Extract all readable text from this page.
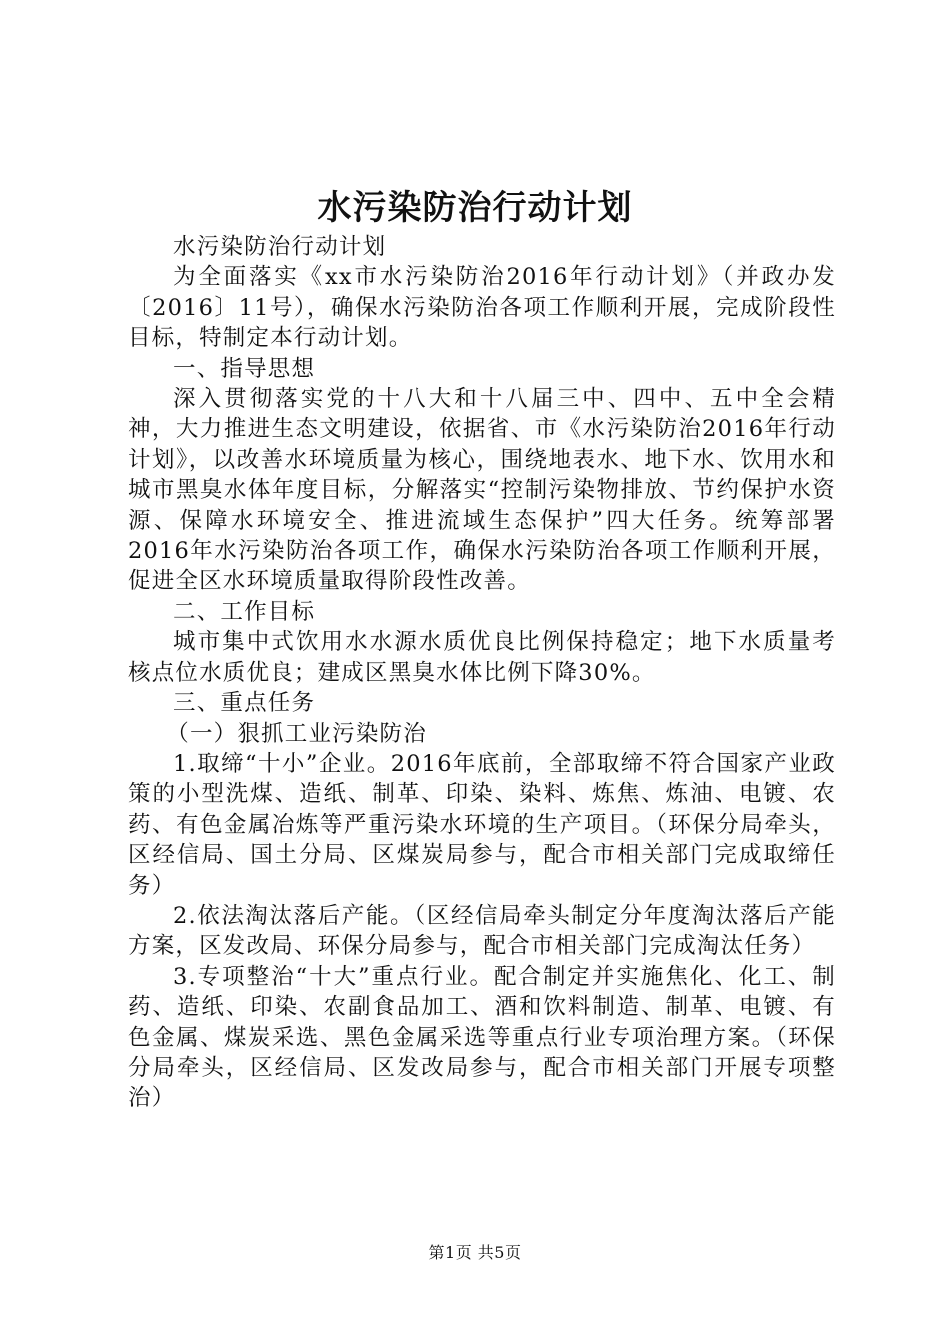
水污染防治行动计划

水污染防治行动计划

为全面落实《xx市水污染防治2016年行动计划》（并政办发〔2016〕11号），确保水污染防治各项工作顺利开展，完成阶段性目标，特制定本行动计划。

一、指导思想

深入贯彻落实党的十八大和十八届三中、四中、五中全会精神，大力推进生态文明建设，依据省、市《水污染防治2016年行动计划》，以改善水环境质量为核心，围绕地表水、地下水、饮用水和城市黑臭水体年度目标，分解落实“控制污染物排放、节约保护水资源、保障水环境安全、推进流域生态保护”四大任务。统筹部署2016年水污染防治各项工作，确保水污染防治各项工作顺利开展，促进全区水环境质量取得阶段性改善。

二、工作目标

城市集中式饮用水水源水质优良比例保持稳定；地下水质量考核点位水质优良；建成区黑臭水体比例下降30%。

三、重点任务

（一）狠抓工业污染防治

1.取缔“十小”企业。2016年底前，全部取缔不符合国家产业政策的小型洗煤、造纸、制革、印染、染料、炼焦、炼油、电镀、农药、有色金属冶炼等严重污染水环境的生产项目。（环保分局牵头，区经信局、国土分局、区煤炭局参与，配合市相关部门完成取缔任务）

2.依法淘汰落后产能。（区经信局牵头制定分年度淘汰落后产能方案，区发改局、环保分局参与，配合市相关部门完成淘汰任务）

3.专项整治“十大”重点行业。配合制定并实施焦化、化工、制药、造纸、印染、农副食品加工、酒和饮料制造、制革、电镀、有色金属、煤炭采选、黑色金属采选等重点行业专项治理方案。（环保分局牵头，区经信局、区发改局参与，配合市相关部门开展专项整治）

第1页 共5页
